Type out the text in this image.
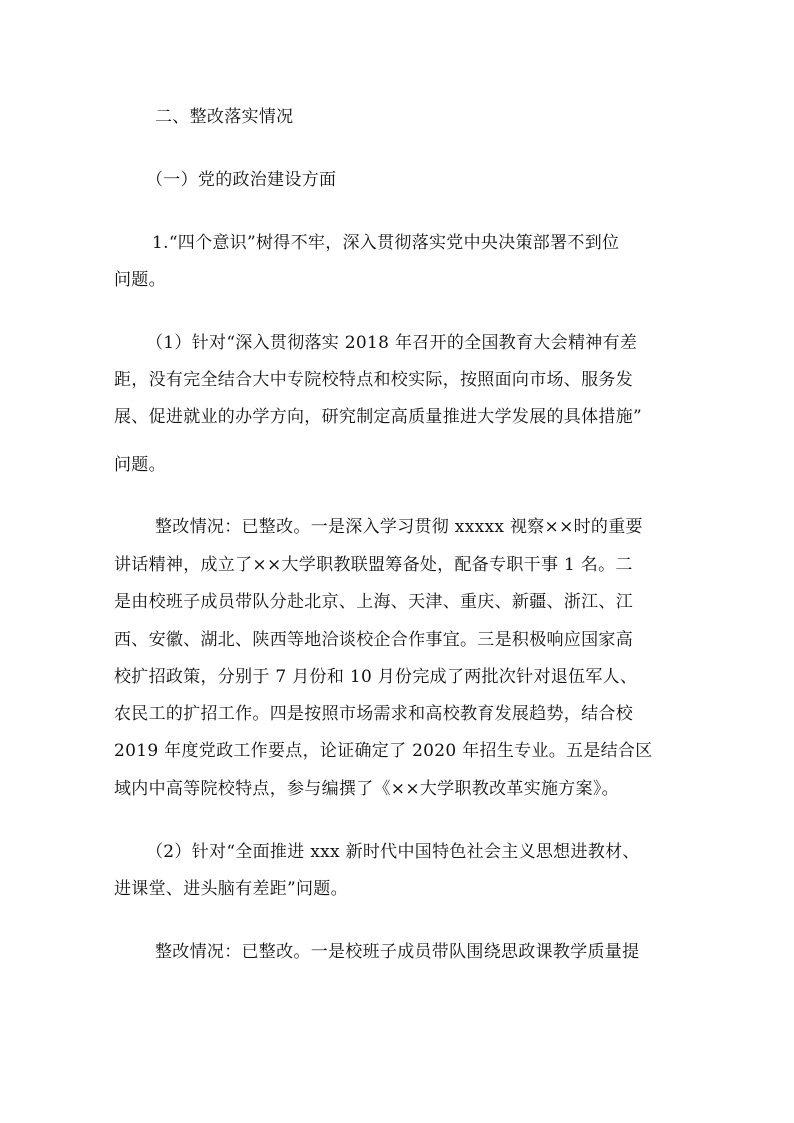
二、整改落实情况
（一）党的政治建设方面
1.“四个意识”树得不牢，深入贯彻落实党中央决策部署不到位
问题。
（1）针对“深入贯彻落实 2018 年召开的全国教育大会精神有差
距，没有完全结合大中专院校特点和校实际，按照面向市场、服务发
展、促进就业的办学方向，研究制定高质量推进大学发展的具体措施”
问题。
整改情况：已整改。一是深入学习贯彻 xxxxx 视察××时的重要
讲话精神，成立了××大学职教联盟筹备处，配备专职干事 1 名。二
是由校班子成员带队分赴北京、上海、天津、重庆、新疆、浙江、江
西、安徽、湖北、陕西等地洽谈校企合作事宜。三是积极响应国家高
校扩招政策，分别于 7 月份和 10 月份完成了两批次针对退伍军人、
农民工的扩招工作。四是按照市场需求和高校教育发展趋势，结合校
2019 年度党政工作要点，论证确定了 2020 年招生专业。五是结合区
域内中高等院校特点，参与编撰了《××大学职教改革实施方案》。
（2）针对“全面推进 xxx 新时代中国特色社会主义思想进教材、
进课堂、进头脑有差距”问题。
整改情况：已整改。一是校班子成员带队围绕思政课教学质量提
